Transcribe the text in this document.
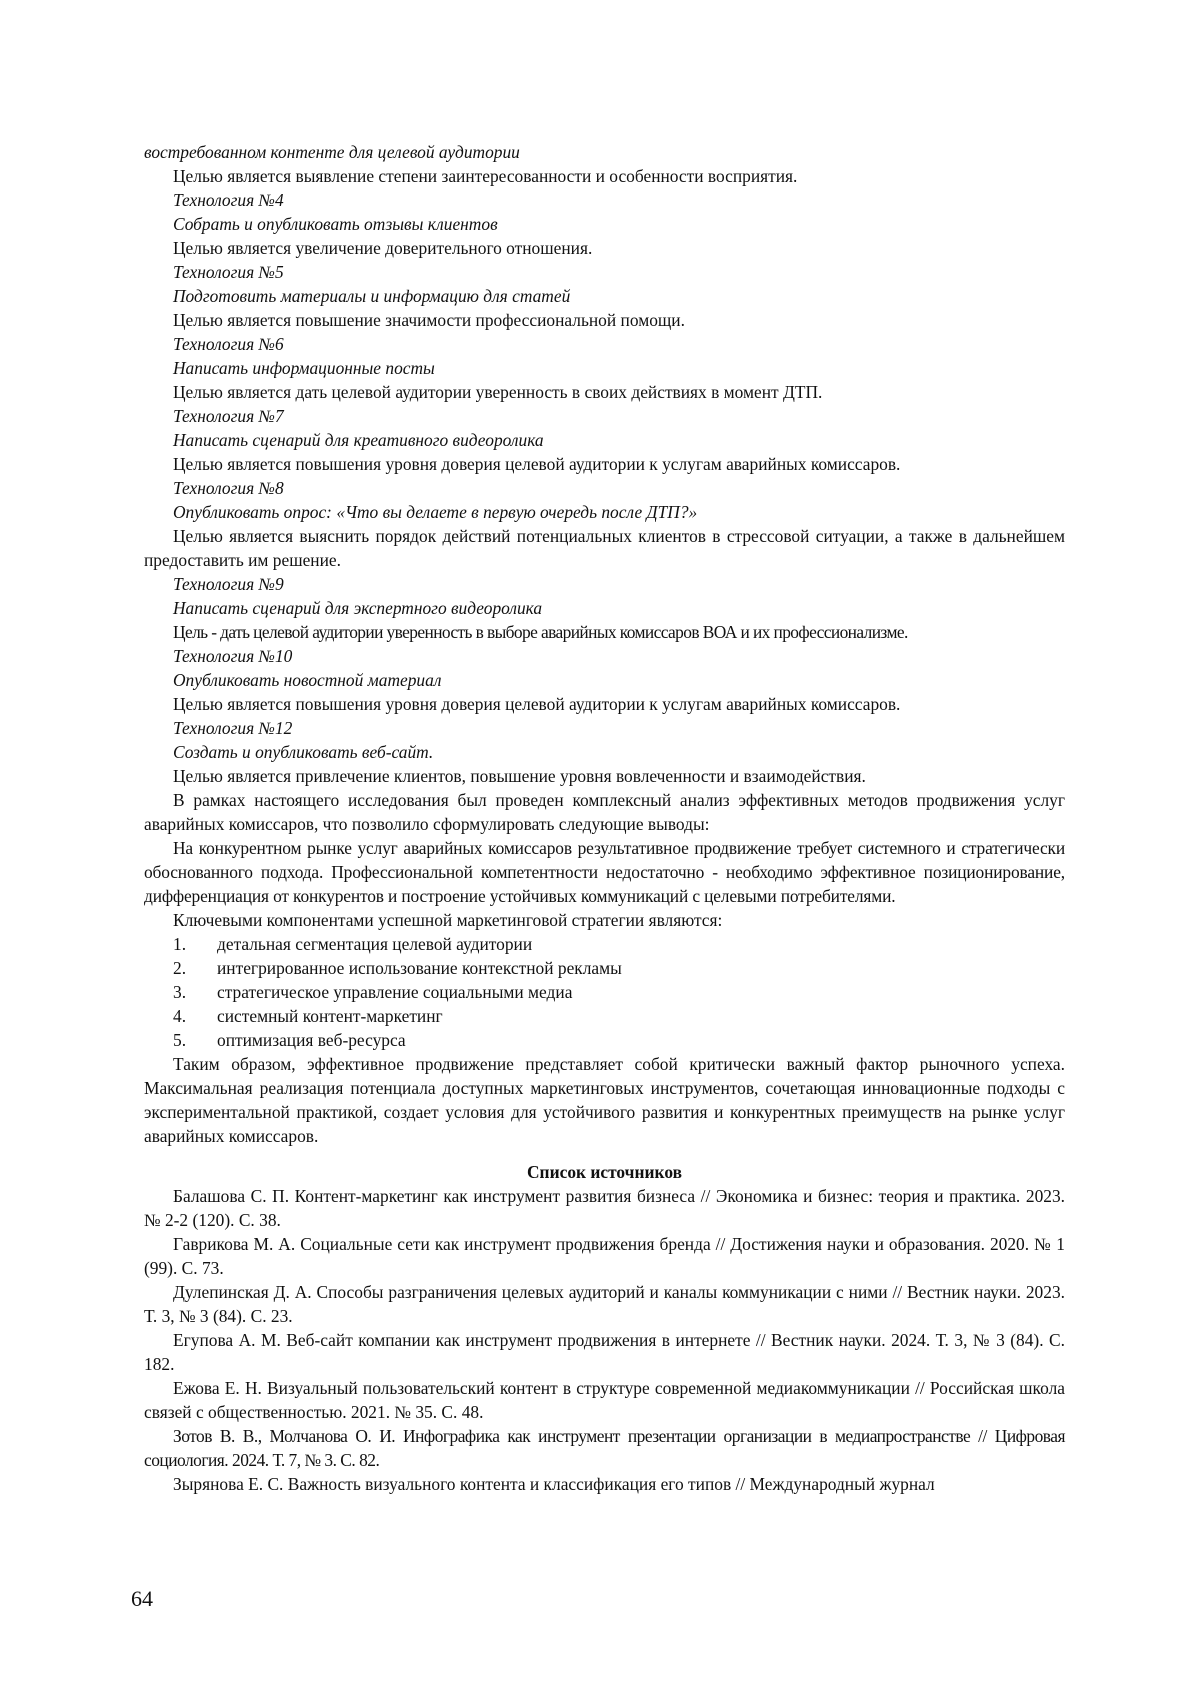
востребованном контенте для целевой аудитории
Целью является выявление степени заинтересованности и особенности восприятия.
Технология №4
Собрать и опубликовать отзывы клиентов
Целью является увеличение доверительного отношения.
Технология №5
Подготовить материалы и информацию для статей
Целью является повышение значимости профессиональной помощи.
Технология №6
Написать информационные посты
Целью является дать целевой аудитории уверенность в своих действиях в момент ДТП.
Технология №7
Написать сценарий для креативного видеоролика
Целью является повышения уровня доверия целевой аудитории к услугам аварийных комиссаров.
Технология №8
Опубликовать опрос: «Что вы делаете в первую очередь после ДТП?»

Целью является выяснить порядок действий потенциальных клиентов в стрессовой ситуации, а также в дальнейшем предоставить им решение.

Технология №9
Написать сценарий для экспертного видеоролика
Цель - дать целевой аудитории уверенность в выборе аварийных комиссаров ВОА и их профессионализме.
Технология №10
Опубликовать новостной материал
Целью является повышения уровня доверия целевой аудитории к услугам аварийных комиссаров.
Технология №12
Создать и опубликовать веб-сайт.
Целью является привлечение клиентов, повышение уровня вовлеченности и взаимодействия.

В рамках настоящего исследования был проведен комплексный анализ эффективных методов продвижения услуг аварийных комиссаров, что позволило сформулировать следующие выводы:

На конкурентном рынке услуг аварийных комиссаров результативное продвижение требует системного и стратегически обоснованного подхода. Профессиональной компетентности недостаточно - необходимо эффективное позиционирование, дифференциация от конкурентов и построение устойчивых коммуникаций с целевыми потребителями.

Ключевыми компонентами успешной маркетинговой стратегии являются:
1.	детальная сегментация целевой аудитории
2.	интегрированное использование контекстной рекламы
3.	стратегическое управление социальными медиа
4.	системный контент-маркетинг
5.	оптимизация веб-ресурса

Таким образом, эффективное продвижение представляет собой критически важный фактор рыночного успеха. Максимальная реализация потенциала доступных маркетинговых инструментов, сочетающая инновационные подходы с экспериментальной практикой, создает условия для устойчивого развития и конкурентных преимуществ на рынке услуг аварийных комиссаров.

Список источников
Балашова С. П. Контент-маркетинг как инструмент развития бизнеса // Экономика и бизнес: теория и практика. 2023. № 2-2 (120). С. 38.
Гаврикова М. А. Социальные сети как инструмент продвижения бренда // Достижения науки и образования. 2020. № 1 (99). С. 73.
Дулепинская Д. А. Способы разграничения целевых аудиторий и каналы коммуникации с ними // Вестник науки. 2023. Т. 3, № 3 (84). С. 23.
Егупова А. М. Веб-сайт компании как инструмент продвижения в интернете // Вестник науки. 2024. Т. 3, № 3 (84). С. 182.
Ежова Е. Н. Визуальный пользовательский контент в структуре современной медиакоммуникации // Российская школа связей с общественностью. 2021. № 35. С. 48.
Зотов В. В., Молчанова О. И. Инфографика как инструмент презентации организации в медиапространстве // Цифровая социология. 2024. Т. 7, № 3. С. 82.
Зырянова Е. С. Важность визуального контента и классификация его типов // Международный журнал
64
